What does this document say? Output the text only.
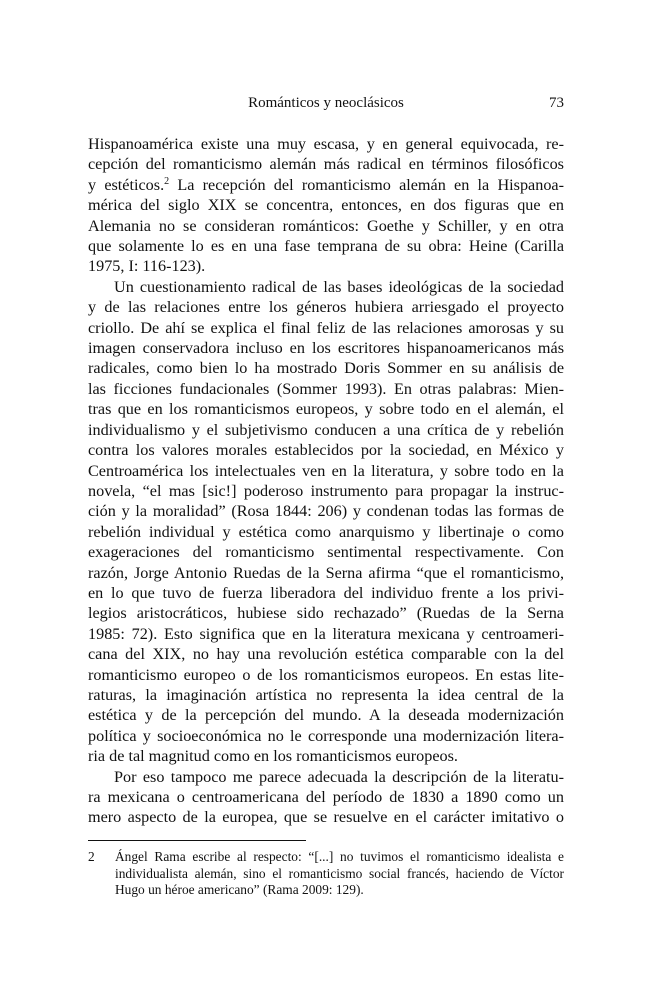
Románticos y neoclásicos	73

Hispanoamérica existe una muy escasa, y en general equivocada, re-
cepción del romanticismo alemán más radical en términos filosóficos
y estéticos.$^2$ La recepción del romanticismo alemán en la Hispanoa-
mérica del siglo XIX se concentra, entonces, en dos figuras que en
Alemania no se consideran románticos: Goethe y Schiller, y en otra
que solamente lo es en una fase temprana de su obra: Heine (Carilla
1975, I: 116-123).

Un cuestionamiento radical de las bases ideológicas de la sociedad
y de las relaciones entre los géneros hubiera arriesgado el proyecto
criollo. De ahí se explica el final feliz de las relaciones amorosas y su
imagen conservadora incluso en los escritores hispanoamericanos más
radicales, como bien lo ha mostrado Doris Sommer en su análisis de
las ficciones fundacionales (Sommer 1993). En otras palabras: Mien-
tras que en los romanticismos europeos, y sobre todo en el alemán, el
individualismo y el subjetivismo conducen a una crítica de y rebelión
contra los valores morales establecidos por la sociedad, en México y
Centroamérica los intelectuales ven en la literatura, y sobre todo en la
novela, “el mas [sic!] poderoso instrumento para propagar la instruc-
ción y la moralidad” (Rosa 1844: 206) y condenan todas las formas de
rebelión individual y estética como anarquismo y libertinaje o como
exageraciones del romanticismo sentimental respectivamente. Con
razón, Jorge Antonio Ruedas de la Serna afirma “que el romanticismo,
en lo que tuvo de fuerza liberadora del individuo frente a los privi-
legios aristocráticos, hubiese sido rechazado” (Ruedas de la Serna
1985: 72). Esto significa que en la literatura mexicana y centroameri-
cana del XIX, no hay una revolución estética comparable con la del
romanticismo europeo o de los romanticismos europeos. En estas lite-
raturas, la imaginación artística no representa la idea central de la
estética y de la percepción del mundo. A la deseada modernización
política y socioeconómica no le corresponde una modernización litera-
ria de tal magnitud como en los romanticismos europeos.

Por eso tampoco me parece adecuada la descripción de la literatu-
ra mexicana o centroamericana del período de 1830 a 1890 como un
mero aspecto de la europea, que se resuelve en el carácter imitativo o

2 Ángel Rama escribe al respecto: “[...] no tuvimos el romanticismo idealista e
individualista alemán, sino el romanticismo social francés, haciendo de Víctor
Hugo un héroe americano” (Rama 2009: 129).
